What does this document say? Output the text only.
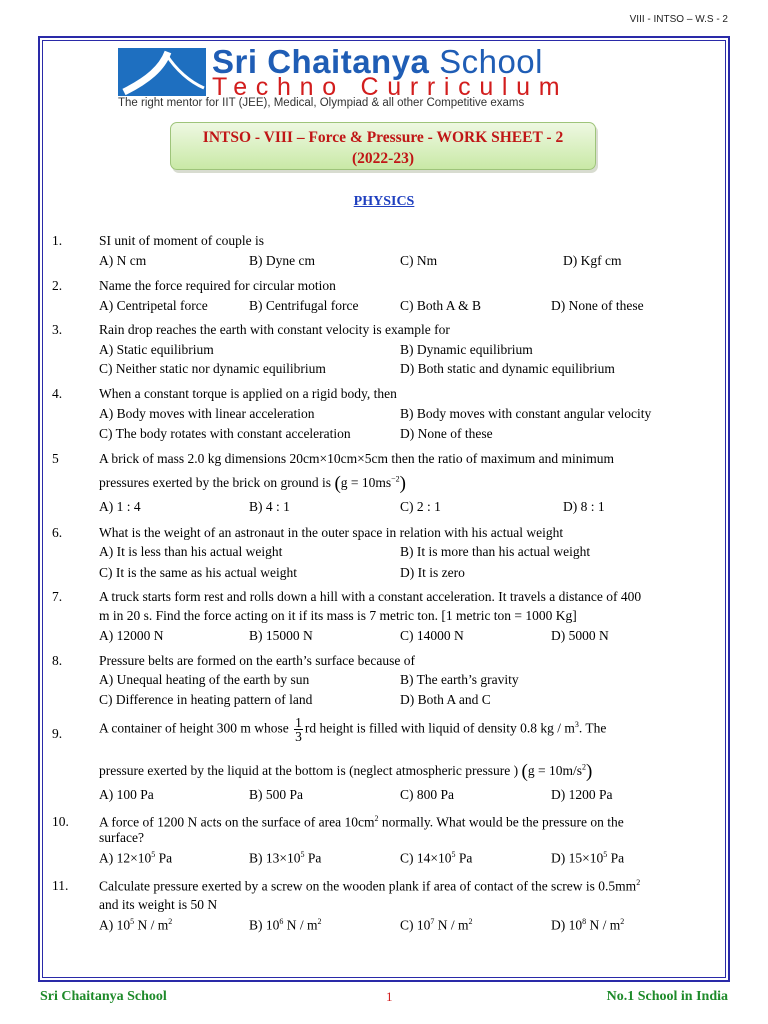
VIII - INTSO – W.S - 2
Sri Chaitanya School
Techno Curriculum
The right mentor for IIT (JEE), Medical, Olympiad & all other Competitive exams
INTSO - VIII – Force & Pressure - WORK SHEET - 2
(2022-23)
PHYSICS
1.	SI unit of moment of couple is
A) N cm	B) Dyne cm	C) Nm	D) Kgf cm
2.	Name the force required for circular motion
A) Centripetal force	B) Centrifugal force	C) Both A & B	D) None of these
3.	Rain drop reaches the earth with constant velocity is example for
A) Static equilibrium	B) Dynamic equilibrium
C) Neither static nor dynamic equilibrium	D) Both static and dynamic equilibrium
4.	When a constant torque is applied on a rigid body, then
A) Body moves with linear acceleration	B) Body moves with constant angular velocity
C) The body rotates with constant acceleration	D) None of these
5	A brick of mass 2.0 kg dimensions 20cm×10cm×5cm then the ratio of maximum and minimum
pressures exerted by the brick on ground is $(g = 10ms^{-2})$
A) 1 : 4	B) 4 : 1	C) 2 : 1	D) 8 : 1
6.	What is the weight of an astronaut in the outer space in relation with his actual weight
A) It is less than his actual weight	B) It is more than his actual weight
C) It is the same as his actual weight	D) It is zero
7.	A truck starts form rest and rolls down a hill with a constant acceleration. It travels a distance of 400
m in 20 s. Find the force acting on it if its mass is 7 metric ton. [1 metric ton = 1000 Kg]
A) 12000 N	B) 15000 N	C) 14000 N	D) 5000 N
8.	Pressure belts are formed on the earth’s surface because of
A) Unequal heating of the earth by sun	B) The earth’s gravity
C) Difference in heating pattern of land	D) Both A and C
9.	A container of height 300 m whose $\frac{1}{3}$ rd height is filled with liquid of density 0.8 kg / $m^3$. The
pressure exerted by the liquid at the bottom is (neglect atmospheric pressure ) $(g = 10m/s^2)$
A) 100 Pa	B) 500 Pa	C) 800 Pa	D) 1200 Pa
10. A force of 1200 N acts on the surface of area $10cm^2$ normally. What would be the pressure on the
surface?
A) $12\times 10^5$ Pa	B) $13\times 10^5$ Pa	C) $14\times 10^5$ Pa	D) $15\times 10^5$ Pa
11. Calculate pressure exerted by a screw on the wooden plank if area of contact of the screw is $0.5mm^2$
and its weight is 50 N
A) $10^5$ N / $m^2$	B) $10^6$ N / $m^2$	C) $10^7$ N / $m^2$	D) $10^8$ N / $m^2$
Sri Chaitanya School	1	No.1 School in India
